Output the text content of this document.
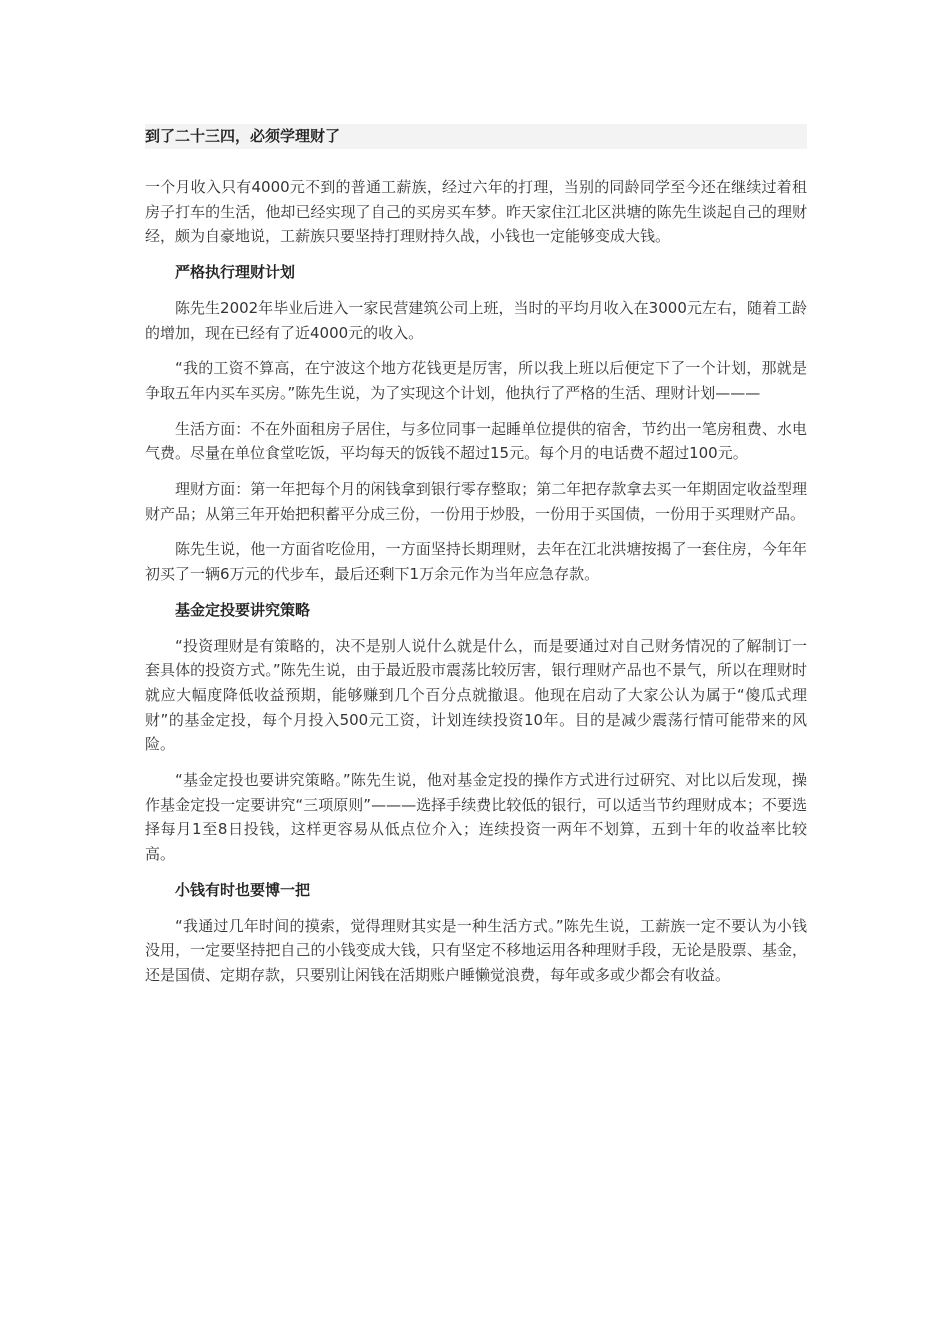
到了二十三四，必须学理财了

一个月收入只有4000元不到的普通工薪族，经过六年的打理，当别的同龄同学至今还在继续过着租房子打车的生活，他却已经实现了自己的买房买车梦。昨天家住江北区洪塘的陈先生谈起自己的理财经，颇为自豪地说，工薪族只要坚持打理财持久战，小钱也一定能够变成大钱。

严格执行理财计划

陈先生2002年毕业后进入一家民营建筑公司上班，当时的平均月收入在3000元左右，随着工龄的增加，现在已经有了近4000元的收入。

“我的工资不算高，在宁波这个地方花钱更是厉害，所以我上班以后便定下了一个计划，那就是争取五年内买车买房。”陈先生说，为了实现这个计划，他执行了严格的生活、理财计划———

生活方面：不在外面租房子居住，与多位同事一起睡单位提供的宿舍，节约出一笔房租费、水电气费。尽量在单位食堂吃饭，平均每天的饭钱不超过15元。每个月的电话费不超过100元。

理财方面：第一年把每个月的闲钱拿到银行零存整取；第二年把存款拿去买一年期固定收益型理财产品；从第三年开始把积蓄平分成三份，一份用于炒股，一份用于买国债，一份用于买理财产品。

陈先生说，他一方面省吃俭用，一方面坚持长期理财，去年在江北洪塘按揭了一套住房，今年年初买了一辆6万元的代步车，最后还剩下1万余元作为当年应急存款。

基金定投要讲究策略

“投资理财是有策略的，决不是别人说什么就是什么，而是要通过对自己财务情况的了解制订一套具体的投资方式。”陈先生说，由于最近股市震荡比较厉害，银行理财产品也不景气，所以在理财时就应大幅度降低收益预期，能够赚到几个百分点就撤退。他现在启动了大家公认为属于“傻瓜式理财”的基金定投，每个月投入500元工资，计划连续投资10年。目的是减少震荡行情可能带来的风险。

“基金定投也要讲究策略。”陈先生说，他对基金定投的操作方式进行过研究、对比以后发现，操作基金定投一定要讲究“三项原则”———选择手续费比较低的银行，可以适当节约理财成本；不要选择每月1至8日投钱，这样更容易从低点位介入；连续投资一两年不划算，五到十年的收益率比较高。

小钱有时也要博一把

“我通过几年时间的摸索，觉得理财其实是一种生活方式。”陈先生说，工薪族一定不要认为小钱没用，一定要坚持把自己的小钱变成大钱，只有坚定不移地运用各种理财手段，无论是股票、基金，还是国债、定期存款，只要别让闲钱在活期账户睡懒觉浪费，每年或多或少都会有收益。
